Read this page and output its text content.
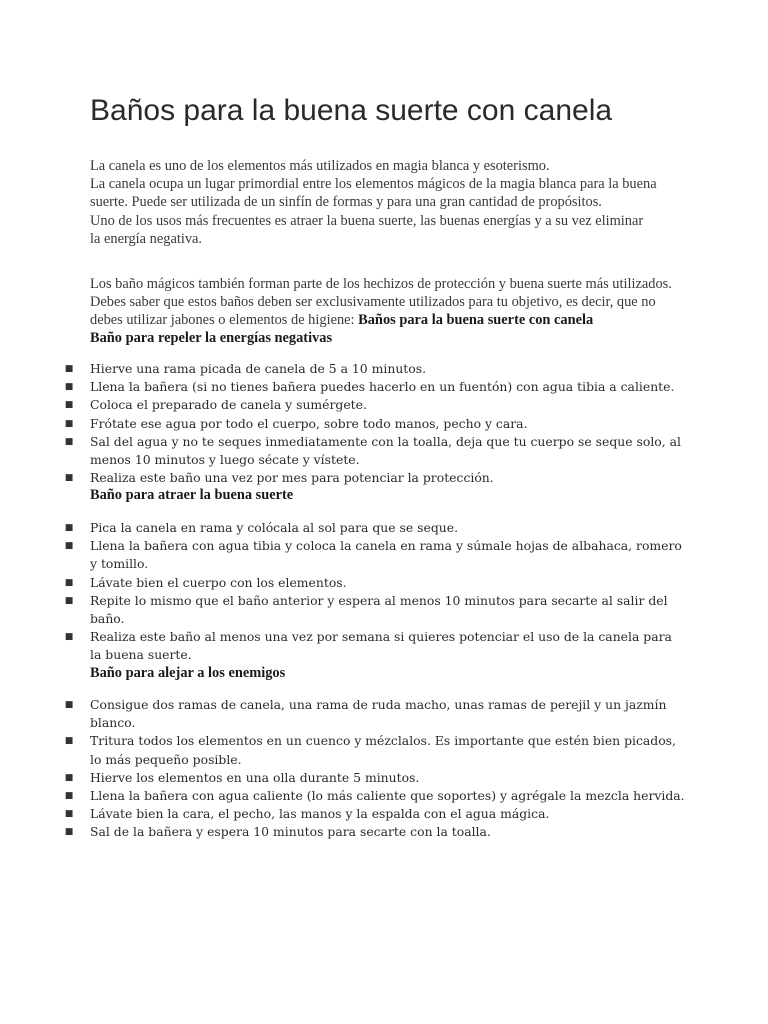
Baños para la buena suerte con canela

La canela es uno de los elementos más utilizados en magia blanca y esoterismo.
La canela ocupa un lugar primordial entre los elementos mágicos de la magia blanca para la buena
suerte. Puede ser utilizada de un sinfín de formas y para una gran cantidad de propósitos.
Uno de los usos más frecuentes es atraer la buena suerte, las buenas energías y a su vez eliminar
la energía negativa.

Los baño mágicos también forman parte de los hechizos de protección y buena suerte más utilizados.
Debes saber que estos baños deben ser exclusivamente utilizados para tu objetivo, es decir, que no
debes utilizar jabones o elementos de higiene: Baños para la buena suerte con canela

Baño para repeler la energías negativas
■ Hierve una rama picada de canela de 5 a 10 minutos.
■ Llena la bañera (si no tienes bañera puedes hacerlo en un fuentón) con agua tibia a caliente.
■ Coloca el preparado de canela y sumérgete.
■ Frótate ese agua por todo el cuerpo, sobre todo manos, pecho y cara.
■ Sal del agua y no te seques inmediatamente con la toalla, deja que tu cuerpo se seque solo, al
menos 10 minutos y luego sécate y vístete.
■ Realiza este baño una vez por mes para potenciar la protección.
Baño para atraer la buena suerte
■ Pica la canela en rama y colócala al sol para que se seque.
■ Llena la bañera con agua tibia y coloca la canela en rama y súmale hojas de albahaca, romero
y tomillo.
■ Lávate bien el cuerpo con los elementos.
■ Repite lo mismo que el baño anterior y espera al menos 10 minutos para secarte al salir del
baño.
■ Realiza este baño al menos una vez por semana si quieres potenciar el uso de la canela para
la buena suerte.
Baño para alejar a los enemigos
■ Consigue dos ramas de canela, una rama de ruda macho, unas ramas de perejil y un jazmín
blanco.
■ Tritura todos los elementos en un cuenco y mézclalos. Es importante que estén bien picados,
lo más pequeño posible.
■ Hierve los elementos en una olla durante 5 minutos.
■ Llena la bañera con agua caliente (lo más caliente que soportes) y agrégale la mezcla hervida.
■ Lávate bien la cara, el pecho, las manos y la espalda con el agua mágica.
■ Sal de la bañera y espera 10 minutos para secarte con la toalla.
